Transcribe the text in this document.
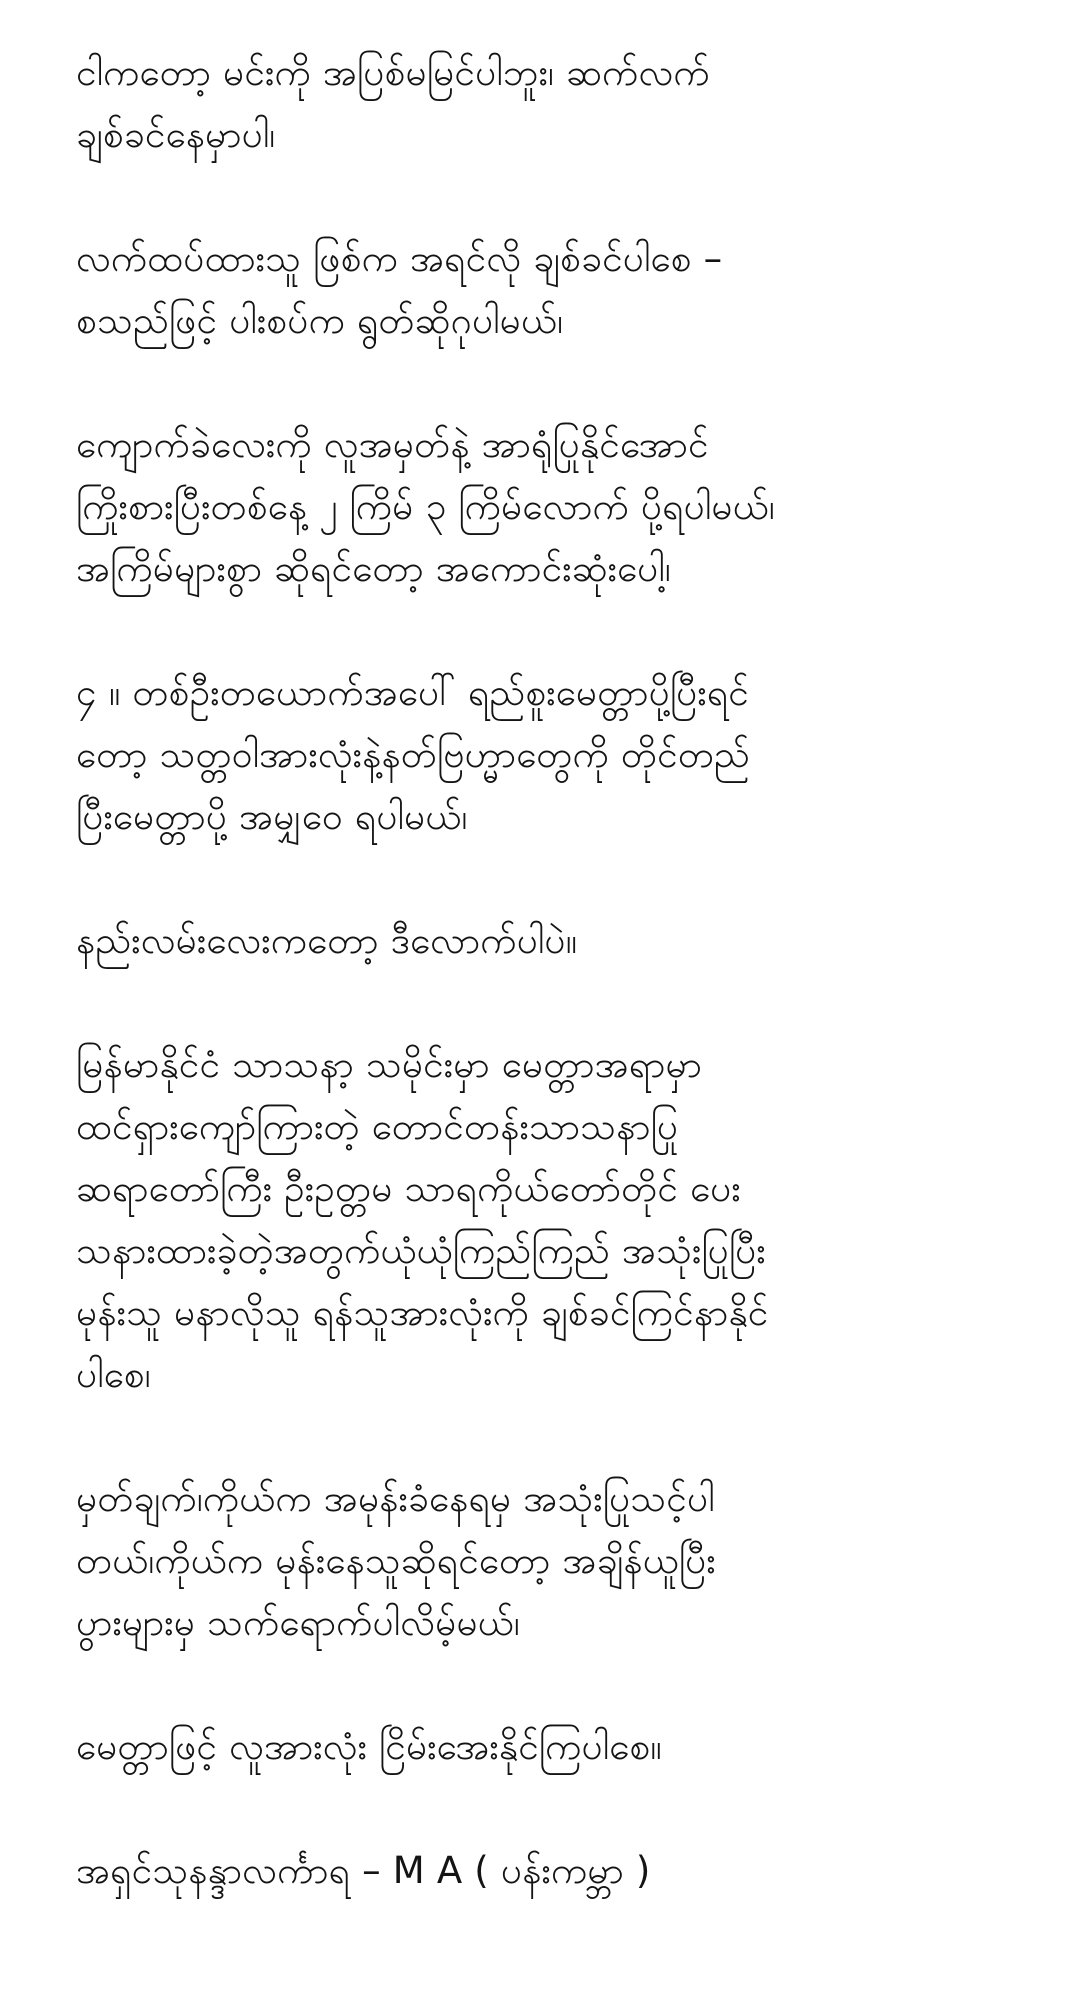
ငါကတော့ မင်းကို အပြစ်မမြင်ပါဘူး၊ ဆက်လက်
ချစ်ခင်နေမှာပါ၊

လက်ထပ်ထားသူ ဖြစ်က အရင်လို ချစ်ခင်ပါစေ –
စသည်ဖြင့် ပါးစပ်က ရွတ်ဆိုဂုပါမယ်၊

ကျောက်ခဲလေးကို လူအမှတ်နဲ့ အာရုံပြုနိုင်အောင်
ကြိုးစားပြီးတစ်နေ့ ၂ ကြိမ် ၃ ကြိမ်လောက် ပို့ရပါမယ်၊
အကြိမ်များစွာ ဆိုရင်တော့ အကောင်းဆုံးပေါ့၊

၄ ။ တစ်ဦးတယောက်အပေါ် ရည်စူးမေတ္တာပို့ပြီးရင်
တော့ သတ္တဝါအားလုံးနဲ့နတ်ဗြဟ္မာတွေကို တိုင်တည်
ပြီးမေတ္တာပို့ အမျှဝေ ရပါမယ်၊

နည်းလမ်းလေးကတော့ ဒီလောက်ပါပဲ။

မြန်မာနိုင်ငံ သာသနာ့ သမိုင်းမှာ မေတ္တာအရာမှာ
ထင်ရှားကျော်ကြားတဲ့ တောင်တန်းသာသနာပြု
ဆရာတော်ကြီး ဦးဥတ္တမ သာရကိုယ်တော်တိုင် ပေး
သနားထားခဲ့တဲ့အတွက်ယုံယုံကြည်ကြည် အသုံးပြုပြီး
မုန်းသူ မနာလိုသူ ရန်သူအားလုံးကို ချစ်ခင်ကြင်နာနိုင်
ပါစေ၊

မှတ်ချက်၊ကိုယ်က အမုန်းခံနေရမှ အသုံးပြုသင့်ပါ
တယ်၊ကိုယ်က မုန်းနေသူဆိုရင်တော့ အချိန်ယူပြီး
ပွားများမှ သက်ရောက်ပါလိမ့်မယ်၊

မေတ္တာဖြင့် လူအားလုံး ငြိမ်းအေးနိုင်ကြပါစေ။

အရှင်သုနန္ဒာလင်္ကာရ – M A ( ပန်းကမ္ဘာ )
